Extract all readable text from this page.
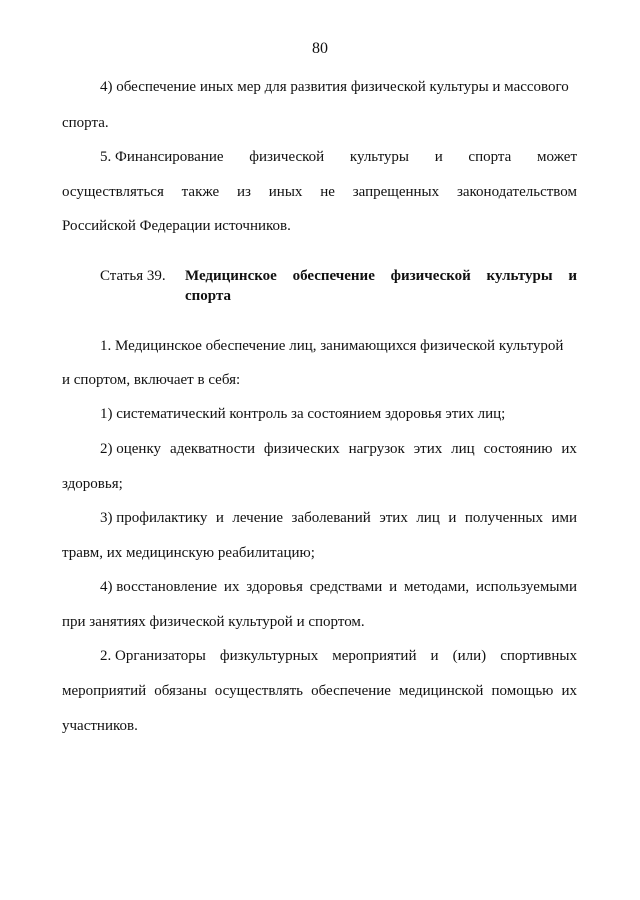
80
4) обеспечение иных мер для развития физической культуры и массового
спорта.
5. Финансирование физической культуры и спорта может
осуществляться также из иных не запрещенных законодательством
Российской Федерации источников.
Статья 39. Медицинское обеспечение физической культуры и
спорта
1. Медицинское обеспечение лиц, занимающихся физической культурой
и спортом, включает в себя:
1) систематический контроль за состоянием здоровья этих лиц;
2) оценку адекватности физических нагрузок этих лиц состоянию их
здоровья;
3) профилактику и лечение заболеваний этих лиц и полученных ими
травм, их медицинскую реабилитацию;
4) восстановление их здоровья средствами и методами, используемыми
при занятиях физической культурой и спортом.
2. Организаторы физкультурных мероприятий и (или) спортивных
мероприятий обязаны осуществлять обеспечение медицинской помощью их
участников.
